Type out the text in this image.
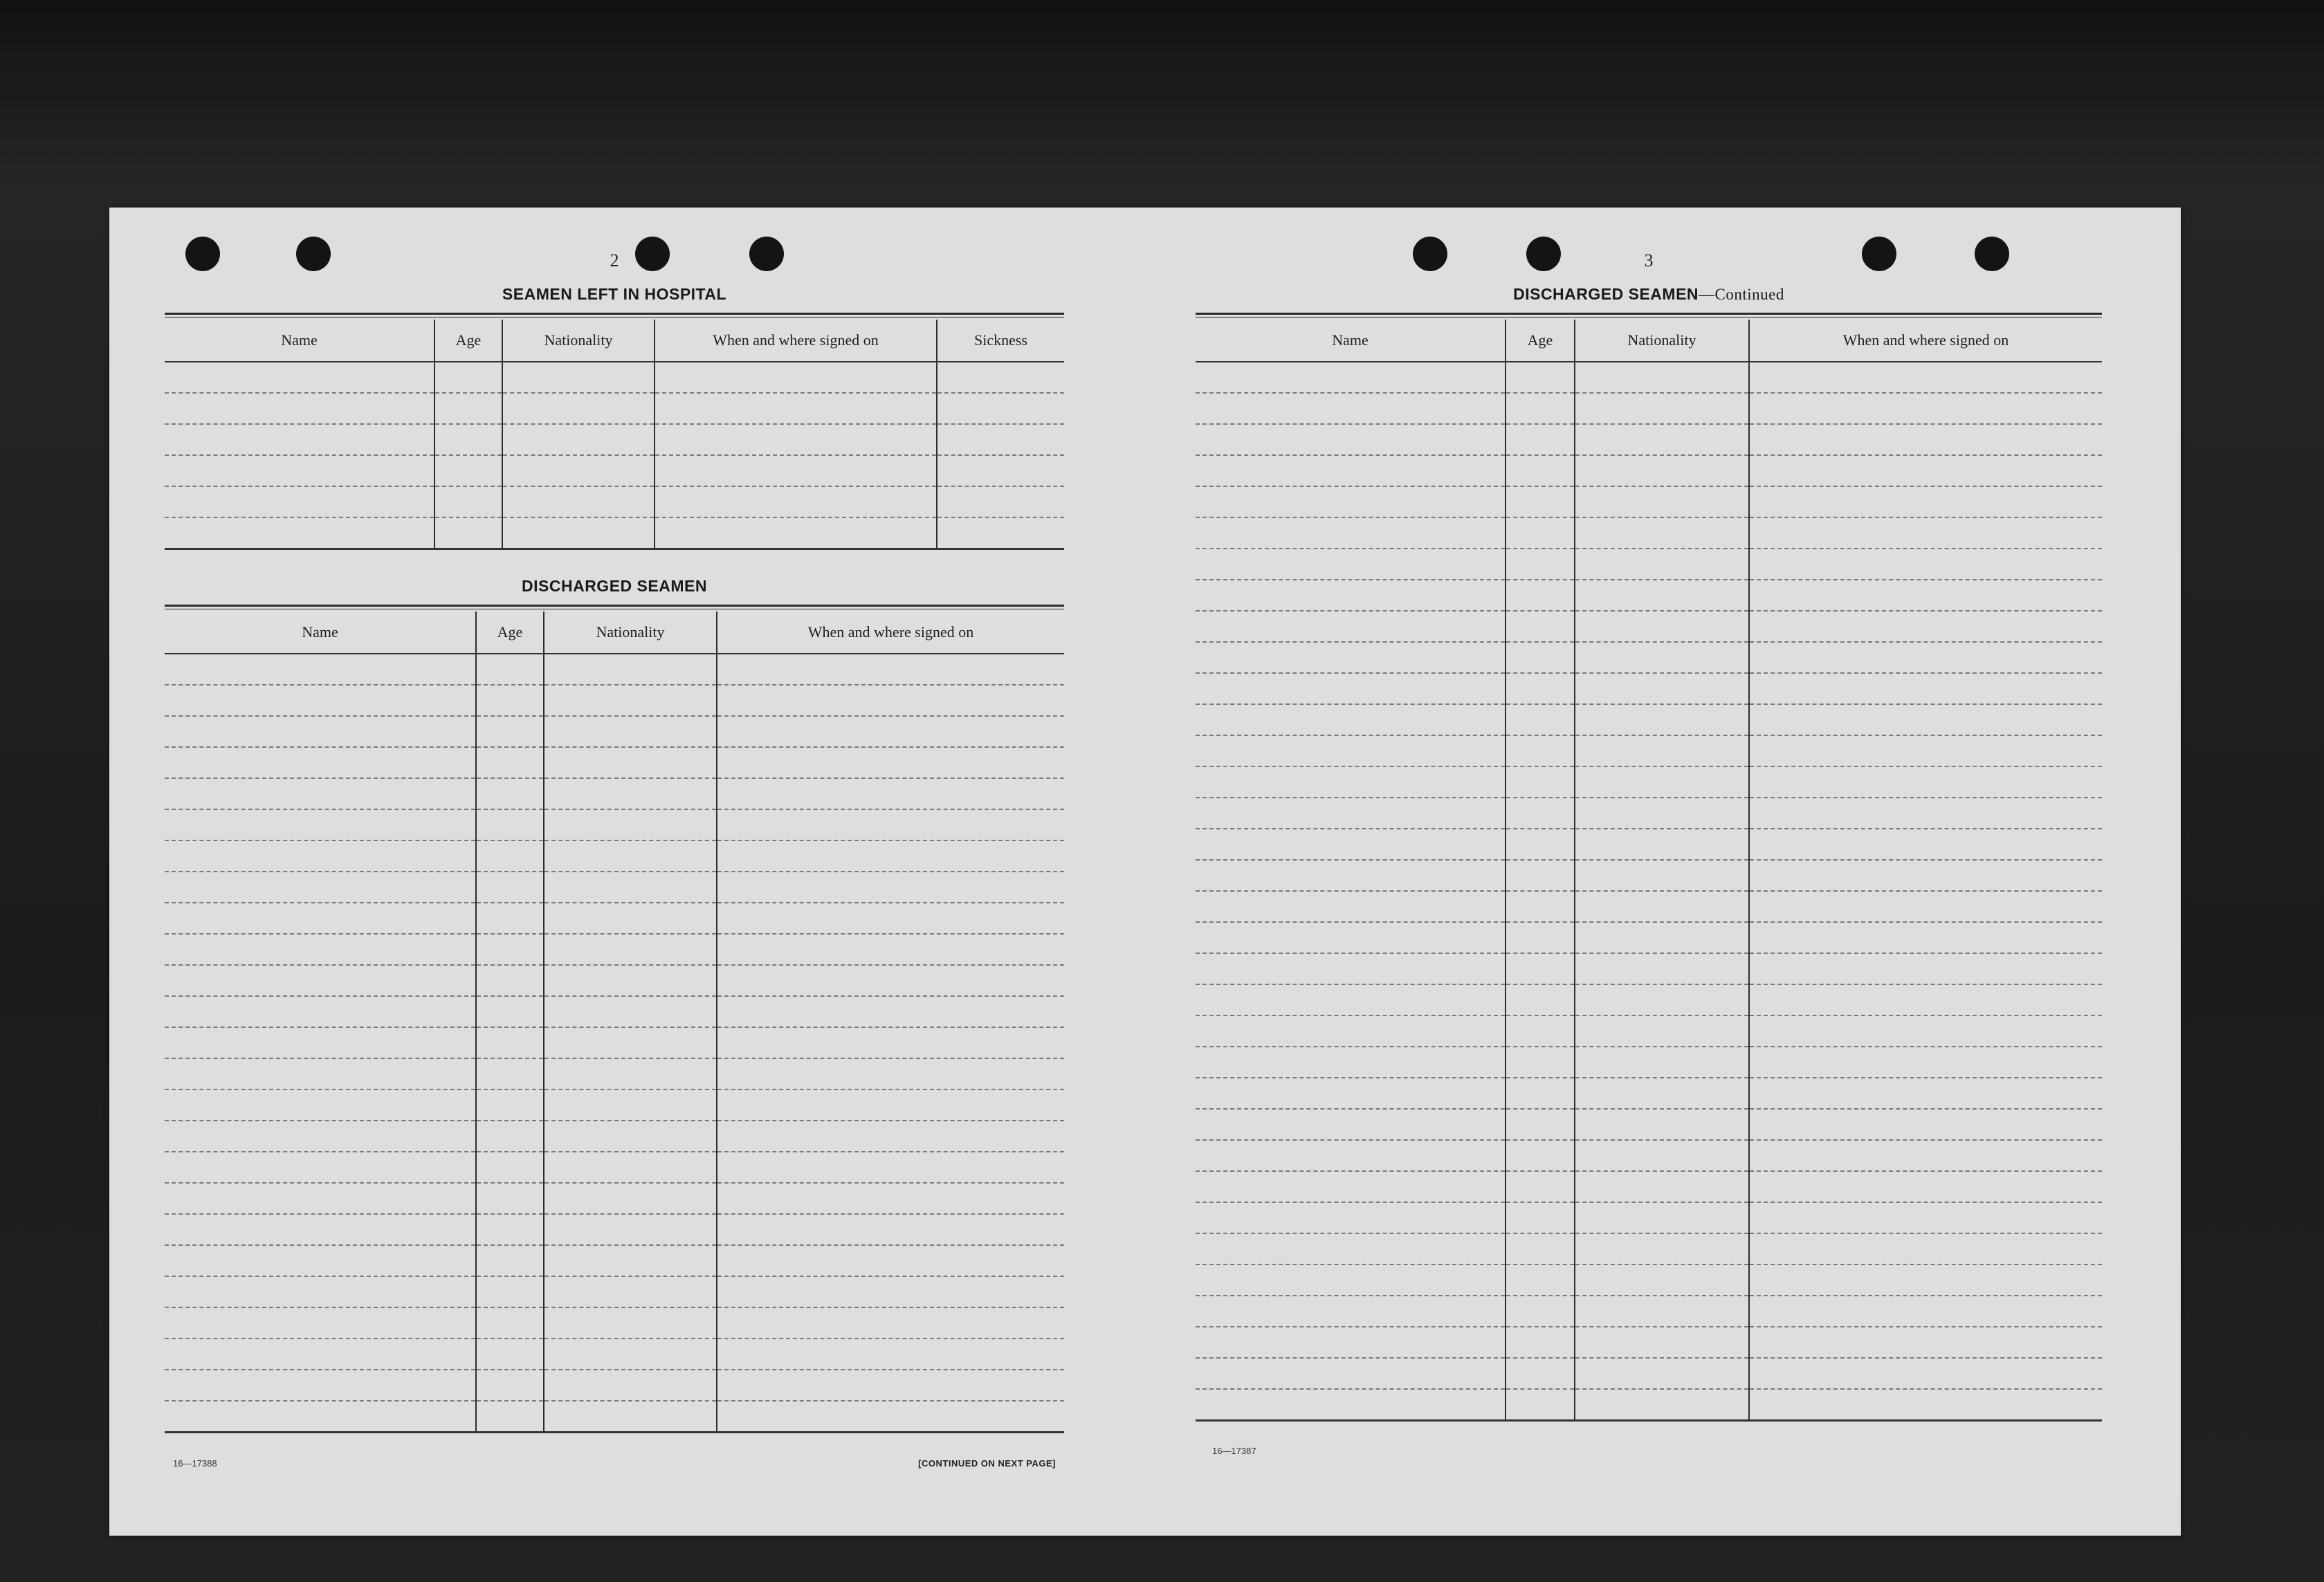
2
SEAMEN LEFT IN HOSPITAL
Name	Age	Nationality	When and where signed on	Sickness

DISCHARGED SEAMEN
Name	Age	Nationality	When and where signed on

16—17388	[CONTINUED ON NEXT PAGE]
3
DISCHARGED SEAMEN—Continued
Name	Age	Nationality	When and where signed on

16—17387
